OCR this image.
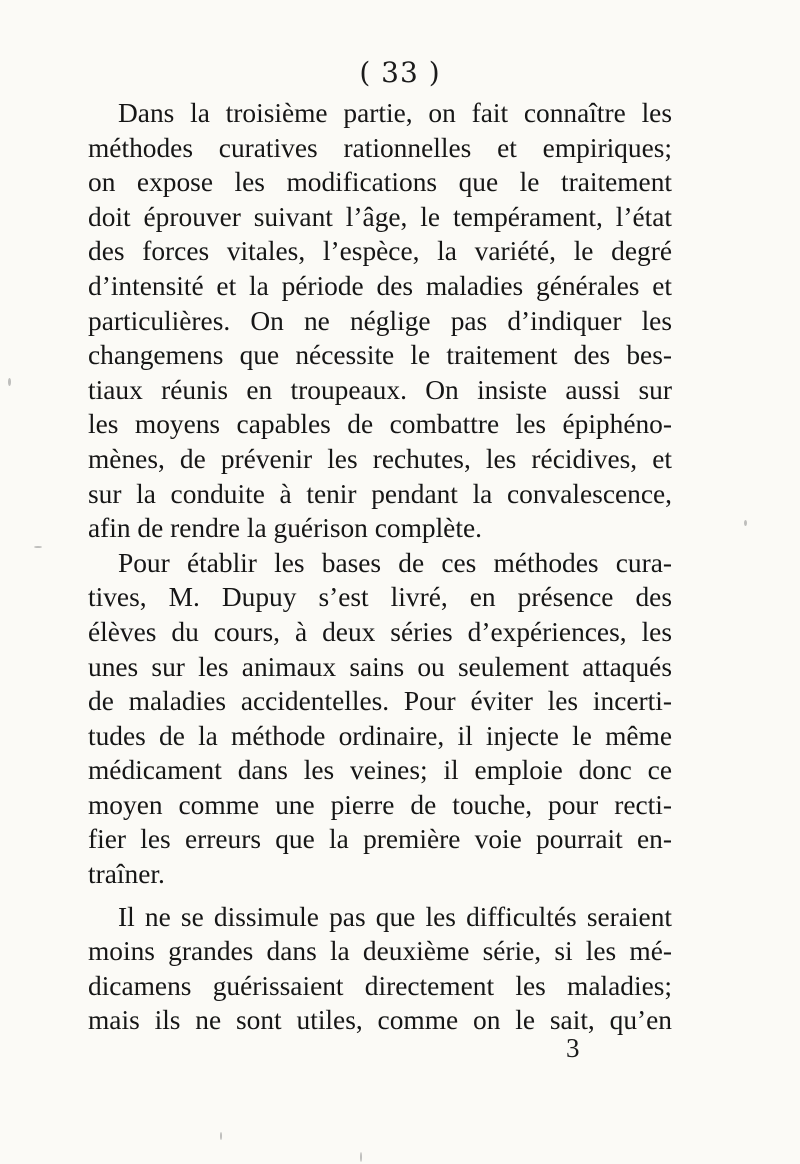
( 33 )
Dans la troisième partie, on fait connaître les
méthodes curatives rationnelles et empiriques;
on expose les modifications que le traitement
doit éprouver suivant l’âge, le tempérament, l’état
des forces vitales, l’espèce, la variété, le degré
d’intensité et la période des maladies générales et
particulières. On ne néglige pas d’indiquer les
changemens que nécessite le traitement des bes-
tiaux réunis en troupeaux. On insiste aussi sur
les moyens capables de combattre les épiphéno-
mènes, de prévenir les rechutes, les récidives, et
sur la conduite à tenir pendant la convalescence,
afin de rendre la guérison complète.
Pour établir les bases de ces méthodes cura-
tives, M. Dupuy s’est livré, en présence des
élèves du cours, à deux séries d’expériences, les
unes sur les animaux sains ou seulement attaqués
de maladies accidentelles. Pour éviter les incerti-
tudes de la méthode ordinaire, il injecte le même
médicament dans les veines; il emploie donc ce
moyen comme une pierre de touche, pour recti-
fier les erreurs que la première voie pourrait en-
traîner.
Il ne se dissimule pas que les difficultés seraient
moins grandes dans la deuxième série, si les mé-
dicamens guérissaient directement les maladies;
mais ils ne sont utiles, comme on le sait, qu’en
3
